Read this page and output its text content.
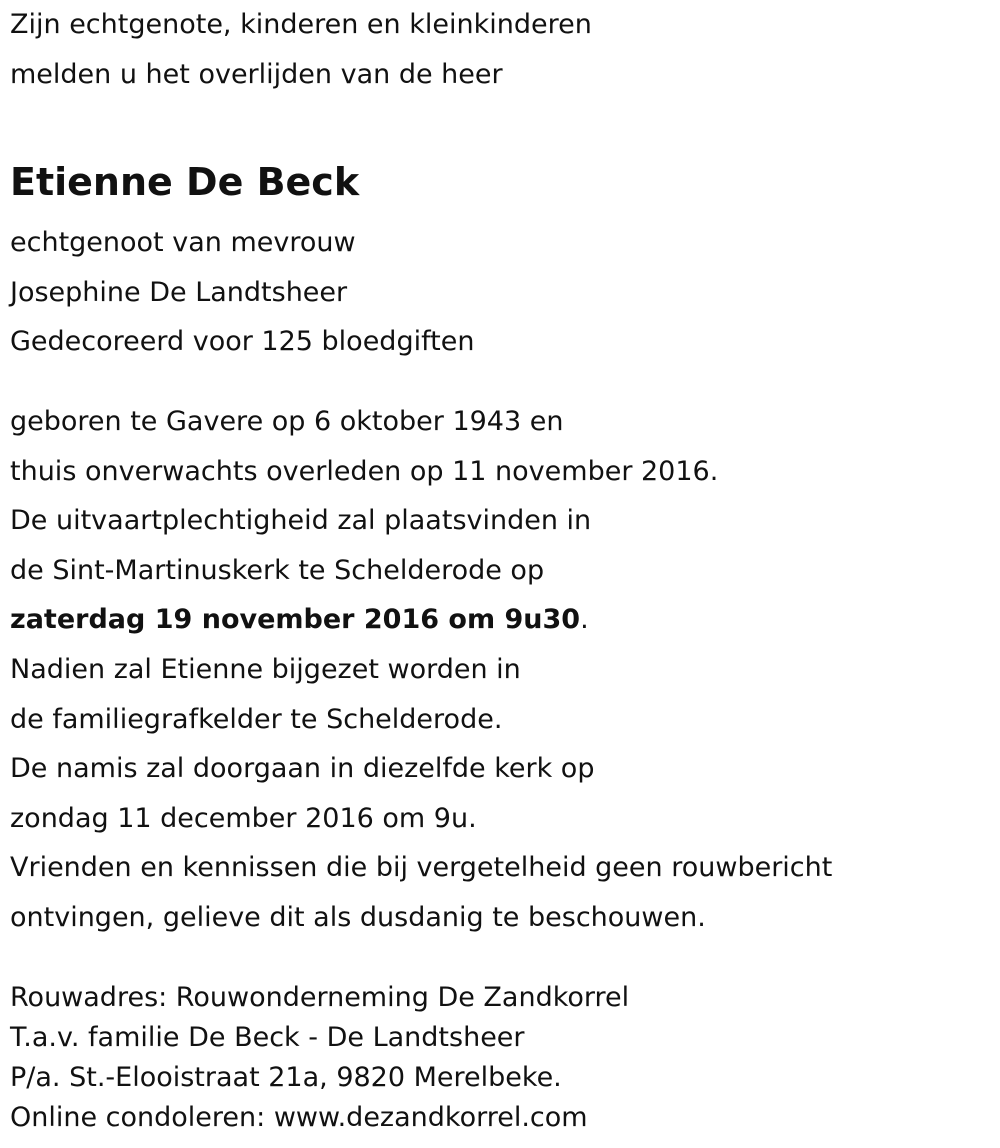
Zijn echtgenote, kinderen en kleinkinderen
melden u het overlijden van de heer
Etienne De Beck
echtgenoot van mevrouw
Josephine De Landtsheer
Gedecoreerd voor 125 bloedgiften
geboren te Gavere op 6 oktober 1943 en
thuis onverwachts overleden op 11 november 2016.
De uitvaartplechtigheid zal plaatsvinden in
de Sint-Martinuskerk te Schelderode op
zaterdag 19 november 2016 om 9u30.
Nadien zal Etienne bijgezet worden in
de familiegrafkelder te Schelderode.
De namis zal doorgaan in diezelfde kerk op
zondag 11 december 2016 om 9u.
Vrienden en kennissen die bij vergetelheid geen rouwbericht
ontvingen, gelieve dit als dusdanig te beschouwen.
Rouwadres: Rouwonderneming De Zandkorrel
T.a.v. familie De Beck - De Landtsheer
P/a. St.-Elooistraat 21a, 9820 Merelbeke.
Online condoleren: www.dezandkorrel.com
